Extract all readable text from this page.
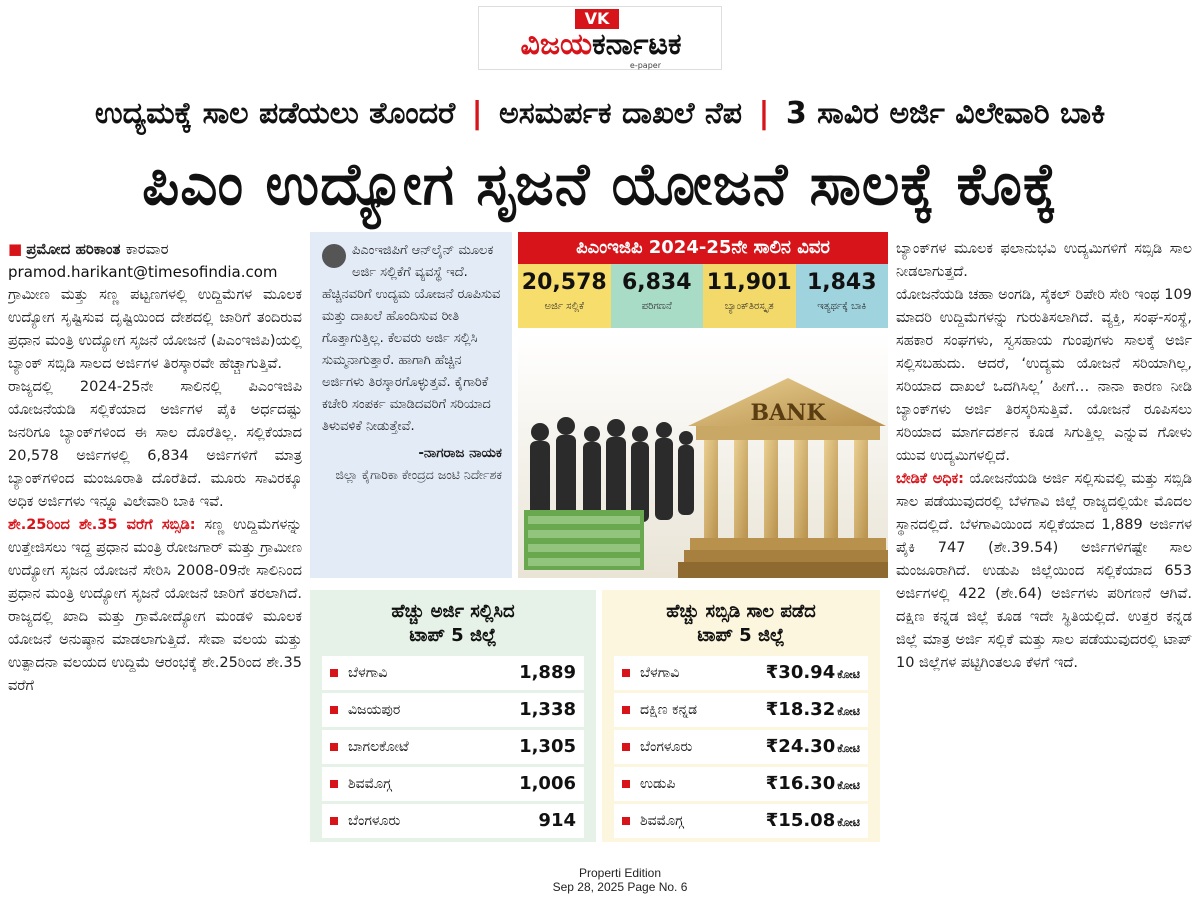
VK
ವಿಜಯಕರ್ನಾಟಕ
e-paper
ಉದ್ಯಮಕ್ಕೆ ಸಾಲ ಪಡೆಯಲು ತೊಂದರೆ | ಅಸಮರ್ಪಕ ದಾಖಲೆ ನೆಪ | 3 ಸಾವಿರ ಅರ್ಜಿ ವಿಲೇವಾರಿ ಬಾಕಿ
ಪಿಎಂ ಉದ್ಯೋಗ ಸೃಜನೆ ಯೋಜನೆ ಸಾಲಕ್ಕೆ ಕೊಕ್ಕೆ

■ ಪ್ರಮೋದ ಹರಿಕಾಂತ ಕಾರವಾರ

pramod.harikant@timesofindia.com

ಗ್ರಾಮೀಣ ಮತ್ತು ಸಣ್ಣ ಪಟ್ಟಣಗಳಲ್ಲಿ ಉದ್ದಿಮೆಗಳ ಮೂಲಕ ಉದ್ಯೋಗ ಸೃಷ್ಟಿಸುವ ದೃಷ್ಟಿಯಿಂದ ದೇಶದಲ್ಲಿ ಜಾರಿಗೆ ತಂದಿರುವ ಪ್ರಧಾನ ಮಂತ್ರಿ ಉದ್ಯೋಗ ಸೃಜನೆ ಯೋಜನೆ (ಪಿಎಂಇಜಿಪಿ)ಯಲ್ಲಿ ಬ್ಯಾಂಕ್ ಸಬ್ಸಿಡಿ ಸಾಲದ ಅರ್ಜಿಗಳ ತಿರಸ್ಕಾರವೇ ಹೆಚ್ಚಾಗುತ್ತಿವೆ.

ರಾಜ್ಯದಲ್ಲಿ 2024-25ನೇ ಸಾಲಿನಲ್ಲಿ ಪಿಎಂಇಜಿಪಿ ಯೋಜನೆಯಡಿ ಸಲ್ಲಿಕೆಯಾದ ಅರ್ಜಿಗಳ ಪೈಕಿ ಅರ್ಧದಷ್ಟು ಜನರಿಗೂ ಬ್ಯಾಂಕ್‌ಗಳಿಂದ ಈ ಸಾಲ ದೊರೆತಿಲ್ಲ. ಸಲ್ಲಿಕೆಯಾದ 20,578 ಅರ್ಜಿಗಳಲ್ಲಿ 6,834 ಅರ್ಜಿಗಳಿಗೆ ಮಾತ್ರ ಬ್ಯಾಂಕ್‌ಗಳಿಂದ ಮಂಜೂರಾತಿ ದೊರೆತಿದೆ. ಮೂರು ಸಾವಿರಕ್ಕೂ ಅಧಿಕ ಅರ್ಜಿಗಳು ಇನ್ನೂ ವಿಲೇವಾರಿ ಬಾಕಿ ಇವೆ.

ಶೇ.25ರಿಂದ ಶೇ.35 ವರೆಗೆ ಸಬ್ಸಿಡಿ: ಸಣ್ಣ ಉದ್ದಿಮೆಗಳನ್ನು ಉತ್ತೇಜಿಸಲು ಇದ್ದ ಪ್ರಧಾನ ಮಂತ್ರಿ ರೋಜಗಾರ್ ಮತ್ತು ಗ್ರಾಮೀಣ ಉದ್ಯೋಗ ಸೃಜನ ಯೋಜನೆ ಸೇರಿಸಿ 2008-09ನೇ ಸಾಲಿನಿಂದ ಪ್ರಧಾನ ಮಂತ್ರಿ ಉದ್ಯೋಗ ಸೃಜನೆ ಯೋಜನೆ ಜಾರಿಗೆ ತರಲಾಗಿದೆ. ರಾಜ್ಯದಲ್ಲಿ ಖಾದಿ ಮತ್ತು ಗ್ರಾಮೋದ್ಯೋಗ ಮಂಡಳಿ ಮೂಲಕ ಯೋಜನೆ ಅನುಷ್ಠಾನ ಮಾಡಲಾಗುತ್ತಿದೆ. ಸೇವಾ ವಲಯ ಮತ್ತು ಉತ್ಪಾದನಾ ವಲಯದ ಉದ್ದಿಮೆ ಆರಂಭಕ್ಕೆ ಶೇ.25ರಿಂದ ಶೇ.35 ವರೆಗೆ

ಪಿಎಂಇಜಿಪಿಗೆ ಆನ್‌ಲೈನ್ ಮೂಲಕ ಅರ್ಜಿ ಸಲ್ಲಿಕೆಗೆ ವ್ಯವಸ್ಥೆ ಇದೆ. ಹೆಚ್ಚಿನವರಿಗೆ ಉದ್ಯಮ ಯೋಜನೆ ರೂಪಿಸುವ ಮತ್ತು ದಾಖಲೆ ಹೊಂದಿಸುವ ರೀತಿ ಗೊತ್ತಾಗುತ್ತಿಲ್ಲ. ಕೆಲವರು ಅರ್ಜಿ ಸಲ್ಲಿಸಿ ಸುಮ್ಮನಾಗುತ್ತಾರೆ. ಹಾಗಾಗಿ ಹೆಚ್ಚಿನ ಅರ್ಜಿಗಳು ತಿರಸ್ಕಾರಗೊಳ್ಳುತ್ತವೆ. ಕೈಗಾರಿಕೆ ಕಚೇರಿ ಸಂಪರ್ಕ ಮಾಡಿದವರಿಗೆ ಸರಿಯಾದ ತಿಳುವಳಿಕೆ ನೀಡುತ್ತೇವೆ.

-ನಾಗರಾಜ ನಾಯಕ

ಜಿಲ್ಲಾ ಕೈಗಾರಿಕಾ ಕೇಂದ್ರದ ಜಂಟಿ ನಿರ್ದೇಶಕ

ಪಿಎಂಇಜಿಪಿ 2024-25ನೇ ಸಾಲಿನ ವಿವರ
20,578
ಅರ್ಜಿ ಸಲ್ಲಿಕೆ
6,834
ಪರಿಗಣನೆ
11,901
ಬ್ಯಾಂಕ್‌ತಿರಸ್ಕೃತ
1,843
ಇತ್ಯರ್ಥಕ್ಕೆ ಬಾಕಿ
BANK
ಹೆಚ್ಚು ಅರ್ಜಿ ಸಲ್ಲಿಸಿದ
ಟಾಪ್ 5 ಜಿಲ್ಲೆ
ಬೆಳಗಾವಿ	1,889
ವಿಜಯಪುರ	1,338
ಬಾಗಲಕೋಟೆ	1,305
ಶಿವಮೊಗ್ಗ	1,006
ಬೆಂಗಳೂರು	914
ಹೆಚ್ಚು ಸಬ್ಸಿಡಿ ಸಾಲ ಪಡೆದ
ಟಾಪ್ 5 ಜಿಲ್ಲೆ
ಬೆಳಗಾವಿ	₹30.94 ಕೋಟಿ
ದಕ್ಷಿಣ ಕನ್ನಡ	₹18.32 ಕೋಟಿ
ಬೆಂಗಳೂರು	₹24.30 ಕೋಟಿ
ಉಡುಪಿ	₹16.30 ಕೋಟಿ
ಶಿವಮೊಗ್ಗ	₹15.08 ಕೋಟಿ

ಬ್ಯಾಂಕ್‌ಗಳ ಮೂಲಕ ಫಲಾನುಭವಿ ಉದ್ಯಮಿಗಳಿಗೆ ಸಬ್ಸಿಡಿ ಸಾಲ ನೀಡಲಾಗುತ್ತದೆ.

ಯೋಜನೆಯಡಿ ಚಹಾ ಅಂಗಡಿ, ಸೈಕಲ್ ರಿಪೇರಿ ಸೇರಿ ಇಂಥ 109 ಮಾದರಿ ಉದ್ದಿಮೆಗಳನ್ನು ಗುರುತಿಸಲಾಗಿದೆ. ವ್ಯಕ್ತಿ, ಸಂಘ-ಸಂಸ್ಥೆ, ಸಹಕಾರ ಸಂಘಗಳು, ಸ್ವಸಹಾಯ ಗುಂಪುಗಳು ಸಾಲಕ್ಕೆ ಅರ್ಜಿ ಸಲ್ಲಿಸಬಹುದು. ಆದರೆ, ‘ಉದ್ಯಮ ಯೋಜನೆ ಸರಿಯಾಗಿಲ್ಲ, ಸರಿಯಾದ ದಾಖಲೆ ಒದಗಿಸಿಲ್ಲ’ ಹೀಗೆ… ನಾನಾ ಕಾರಣ ನೀಡಿ ಬ್ಯಾಂಕ್‌ಗಳು ಅರ್ಜಿ ತಿರಸ್ಕರಿಸುತ್ತಿವೆ. ಯೋಜನೆ ರೂಪಿಸಲು ಸರಿಯಾದ ಮಾರ್ಗದರ್ಶನ ಕೂಡ ಸಿಗುತ್ತಿಲ್ಲ ಎನ್ನುವ ಗೋಳು ಯುವ ಉದ್ಯಮಿಗಳಲ್ಲಿದೆ.

ಬೇಡಿಕೆ ಅಧಿಕ: ಯೋಜನೆಯಡಿ ಅರ್ಜಿ ಸಲ್ಲಿಸುವಲ್ಲಿ ಮತ್ತು ಸಬ್ಸಿಡಿ ಸಾಲ ಪಡೆಯುವುದರಲ್ಲಿ ಬೆಳಗಾವಿ ಜಿಲ್ಲೆ ರಾಜ್ಯದಲ್ಲಿಯೇ ಮೊದಲ ಸ್ಥಾನದಲ್ಲಿದೆ. ಬೆಳಗಾವಿಯಿಂದ ಸಲ್ಲಿಕೆಯಾದ 1,889 ಅರ್ಜಿಗಳ ಪೈಕಿ 747 (ಶೇ.39.54) ಅರ್ಜಿಗಳಿಗಷ್ಟೇ ಸಾಲ ಮಂಜೂರಾಗಿದೆ. ಉಡುಪಿ ಜಿಲ್ಲೆಯಿಂದ ಸಲ್ಲಿಕೆಯಾದ 653 ಅರ್ಜಿಗಳಲ್ಲಿ 422 (ಶೇ.64) ಅರ್ಜಿಗಳು ಪರಿಗಣನೆ ಆಗಿವೆ. ದಕ್ಷಿಣ ಕನ್ನಡ ಜಿಲ್ಲೆ ಕೂಡ ಇದೇ ಸ್ಥಿತಿಯಲ್ಲಿದೆ. ಉತ್ತರ ಕನ್ನಡ ಜಿಲ್ಲೆ ಮಾತ್ರ ಅರ್ಜಿ ಸಲ್ಲಿಕೆ ಮತ್ತು ಸಾಲ ಪಡೆಯುವುದರಲ್ಲಿ ಟಾಪ್ 10 ಜಿಲ್ಲೆಗಳ ಪಟ್ಟಿಗಿಂತಲೂ ಕೆಳಗೆ ಇದೆ.

Properti Edition
Sep 28, 2025 Page No. 6
